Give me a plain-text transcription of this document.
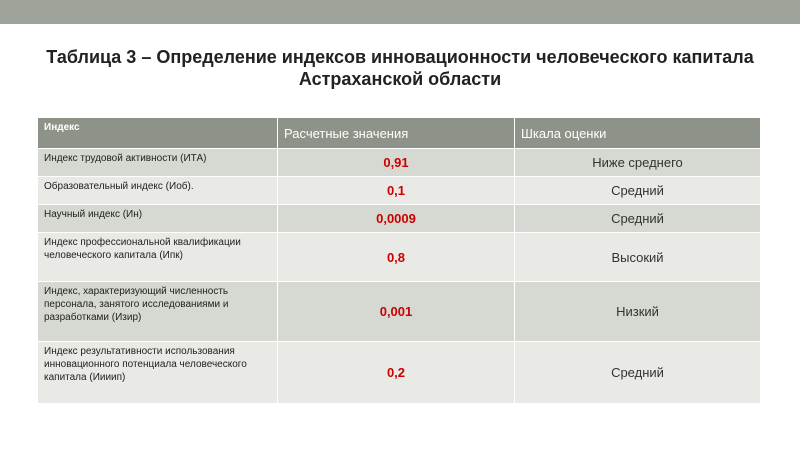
Таблица 3 – Определение индексов инновационности человеческого капитала Астраханской области
Индекс	Расчетные значения	Шкала оценки
Индекс трудовой активности (ИТА)	0,91	Ниже среднего
Образовательный индекс (Иоб).	0,1	Средний
Научный индекс (Ин)	0,0009	Средний
Индекс профессиональной квалификации человеческого капитала (Ипк)	0,8	Высокий
Индекс, характеризующий численность персонала, занятого исследованиями и разработками (Изир)	0,001	Низкий
Индекс результативности использования инновационного потенциала человеческого капитала (Иииип)	0,2	Средний
